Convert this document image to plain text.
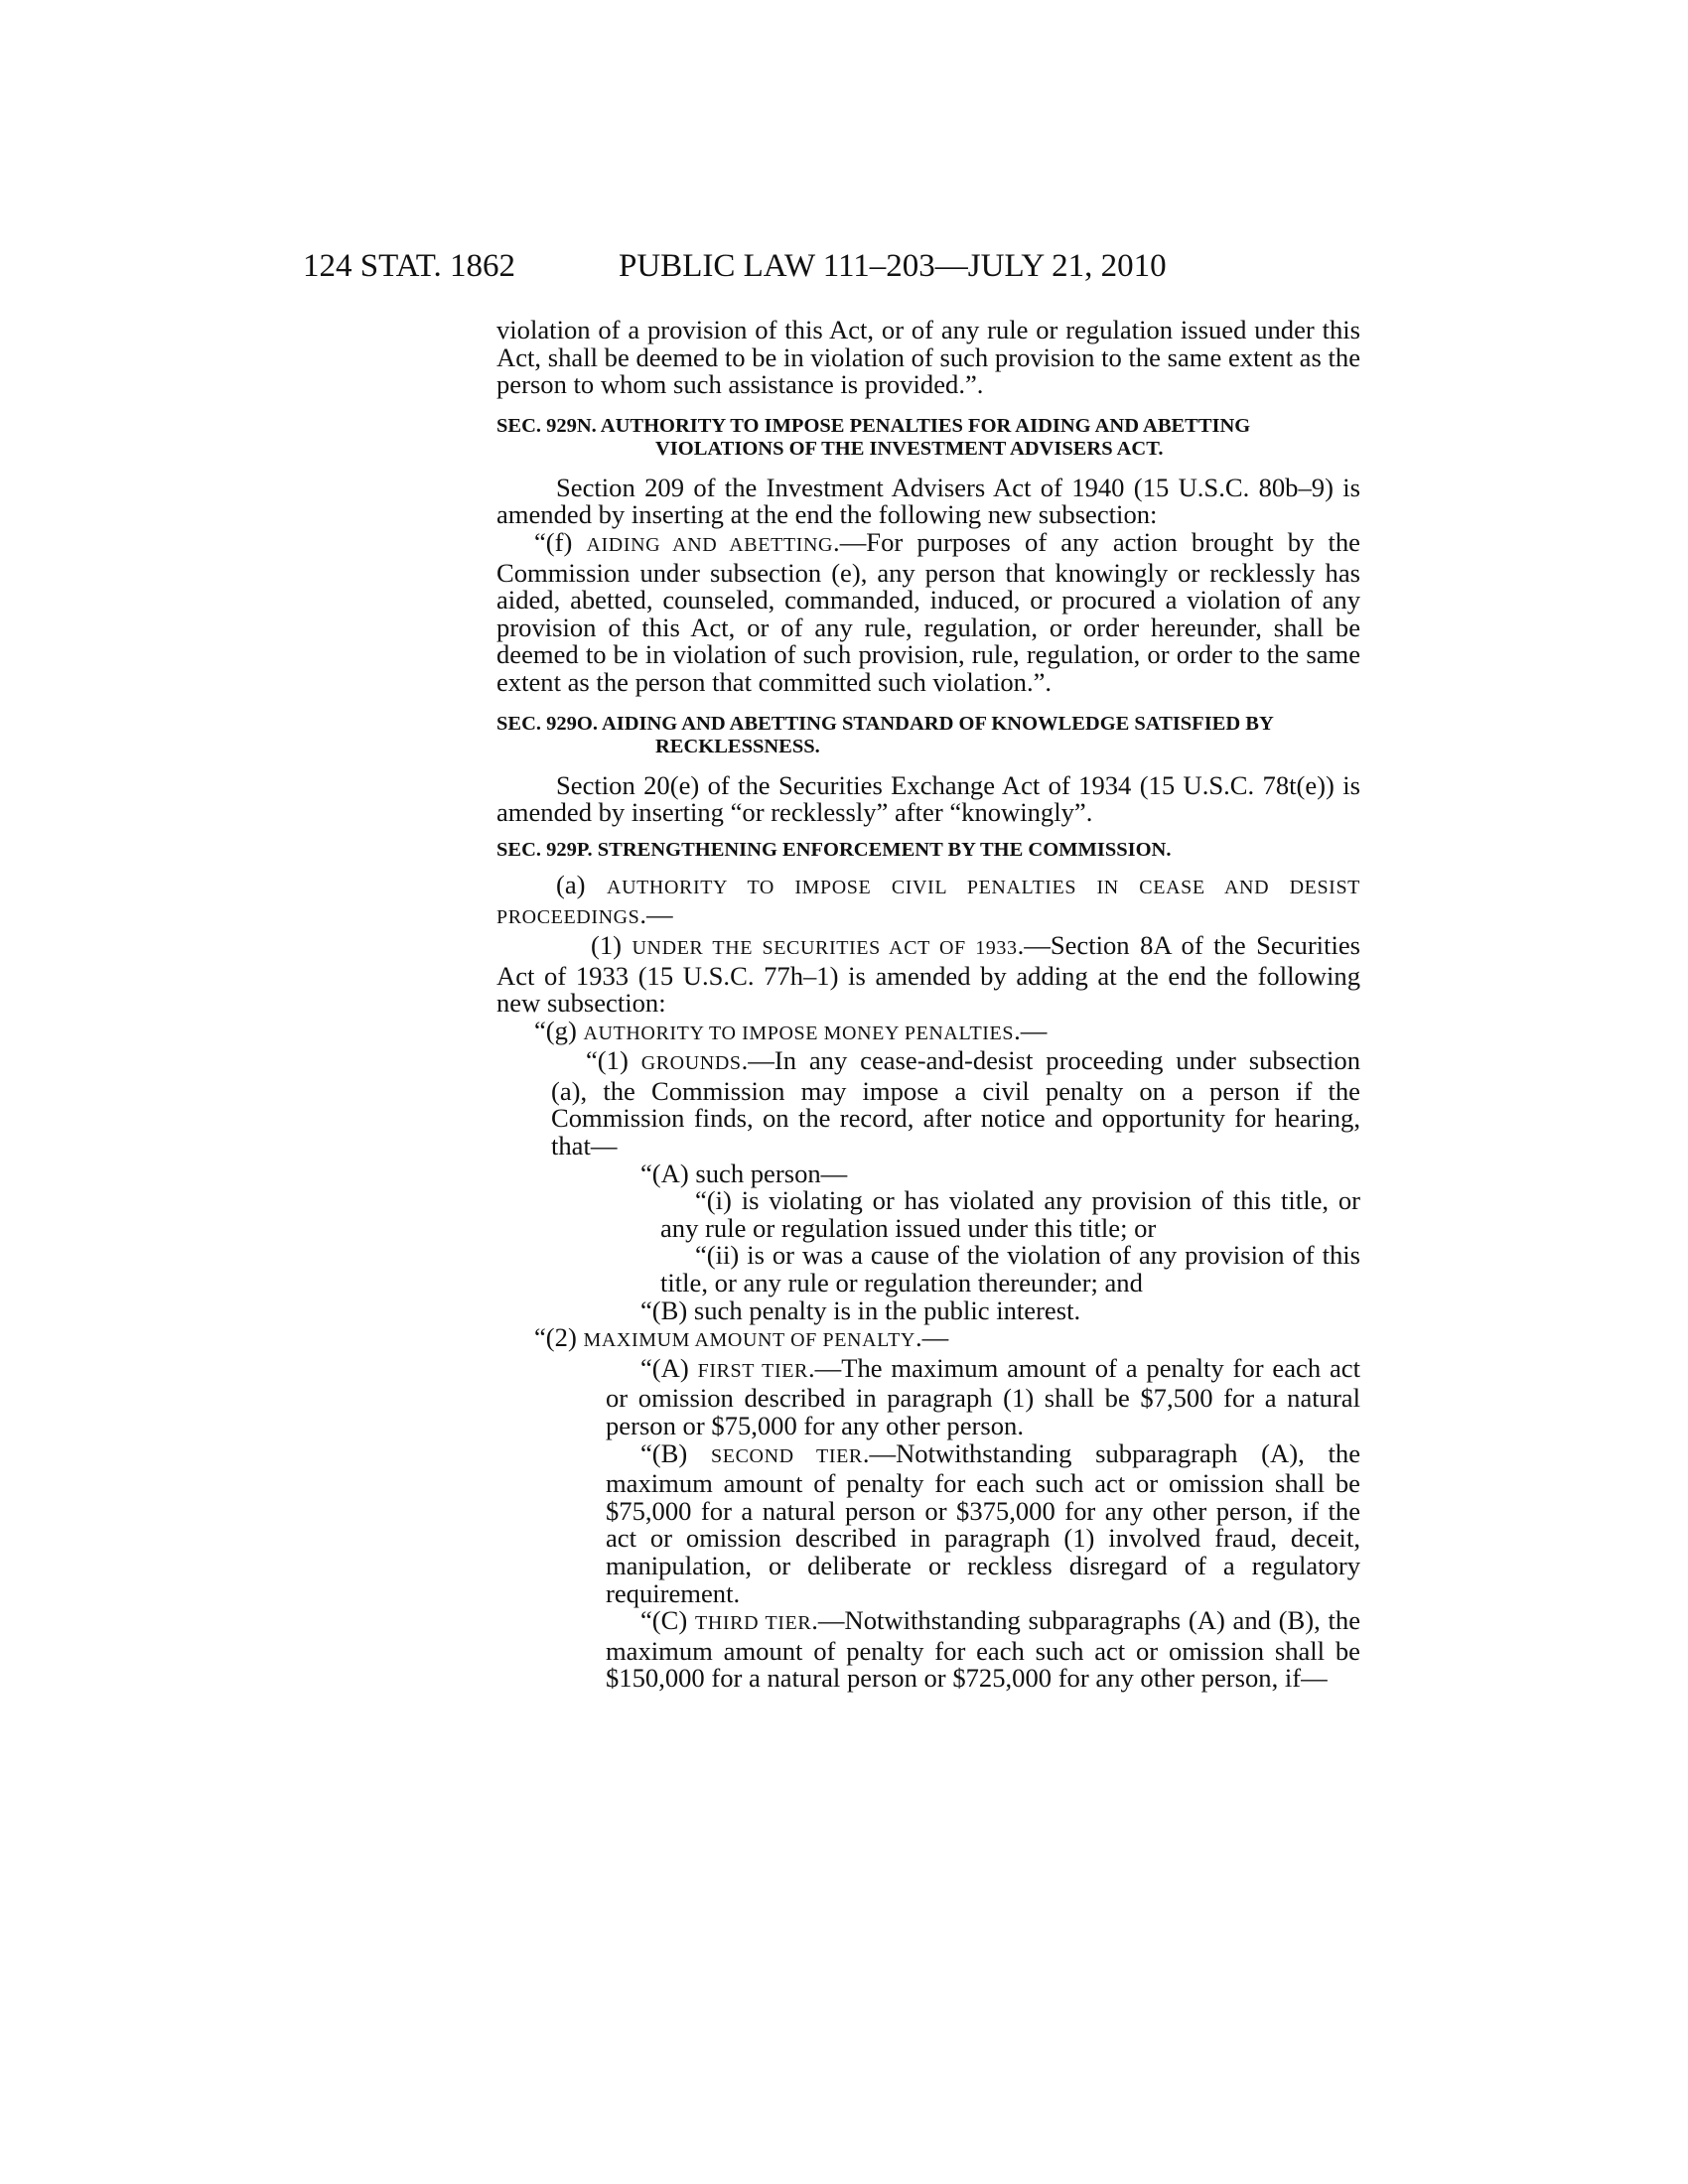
124 STAT. 1862	PUBLIC LAW 111–203—JULY 21, 2010

violation of a provision of this Act, or of any rule or regulation issued under this Act, shall be deemed to be in violation of such provision to the same extent as the person to whom such assistance is provided.”.

SEC. 929N. AUTHORITY TO IMPOSE PENALTIES FOR AIDING AND ABETTING VIOLATIONS OF THE INVESTMENT ADVISERS ACT.

Section 209 of the Investment Advisers Act of 1940 (15 U.S.C. 80b–9) is amended by inserting at the end the following new subsection:

“(f) AIDING AND ABETTING.—For purposes of any action brought by the Commission under subsection (e), any person that knowingly or recklessly has aided, abetted, counseled, commanded, induced, or procured a violation of any provision of this Act, or of any rule, regulation, or order hereunder, shall be deemed to be in violation of such provision, rule, regulation, or order to the same extent as the person that committed such violation.”.

SEC. 929O. AIDING AND ABETTING STANDARD OF KNOWLEDGE SATISFIED BY RECKLESSNESS.

Section 20(e) of the Securities Exchange Act of 1934 (15 U.S.C. 78t(e)) is amended by inserting “or recklessly” after “knowingly”.

SEC. 929P. STRENGTHENING ENFORCEMENT BY THE COMMISSION.

(a) AUTHORITY TO IMPOSE CIVIL PENALTIES IN CEASE AND DESIST PROCEEDINGS.—

(1) UNDER THE SECURITIES ACT OF 1933.—Section 8A of the Securities Act of 1933 (15 U.S.C. 77h–1) is amended by adding at the end the following new subsection:

“(g) AUTHORITY TO IMPOSE MONEY PENALTIES.—

“(1) GROUNDS.—In any cease-and-desist proceeding under subsection (a), the Commission may impose a civil penalty on a person if the Commission finds, on the record, after notice and opportunity for hearing, that—

“(A) such person—

“(i) is violating or has violated any provision of this title, or any rule or regulation issued under this title; or

“(ii) is or was a cause of the violation of any provision of this title, or any rule or regulation thereunder; and

“(B) such penalty is in the public interest.

“(2) MAXIMUM AMOUNT OF PENALTY.—

“(A) FIRST TIER.—The maximum amount of a penalty for each act or omission described in paragraph (1) shall be $7,500 for a natural person or $75,000 for any other person.

“(B) SECOND TIER.—Notwithstanding subparagraph (A), the maximum amount of penalty for each such act or omission shall be $75,000 for a natural person or $375,000 for any other person, if the act or omission described in paragraph (1) involved fraud, deceit, manipulation, or deliberate or reckless disregard of a regulatory requirement.

“(C) THIRD TIER.—Notwithstanding subparagraphs (A) and (B), the maximum amount of penalty for each such act or omission shall be $150,000 for a natural person or $725,000 for any other person, if—
